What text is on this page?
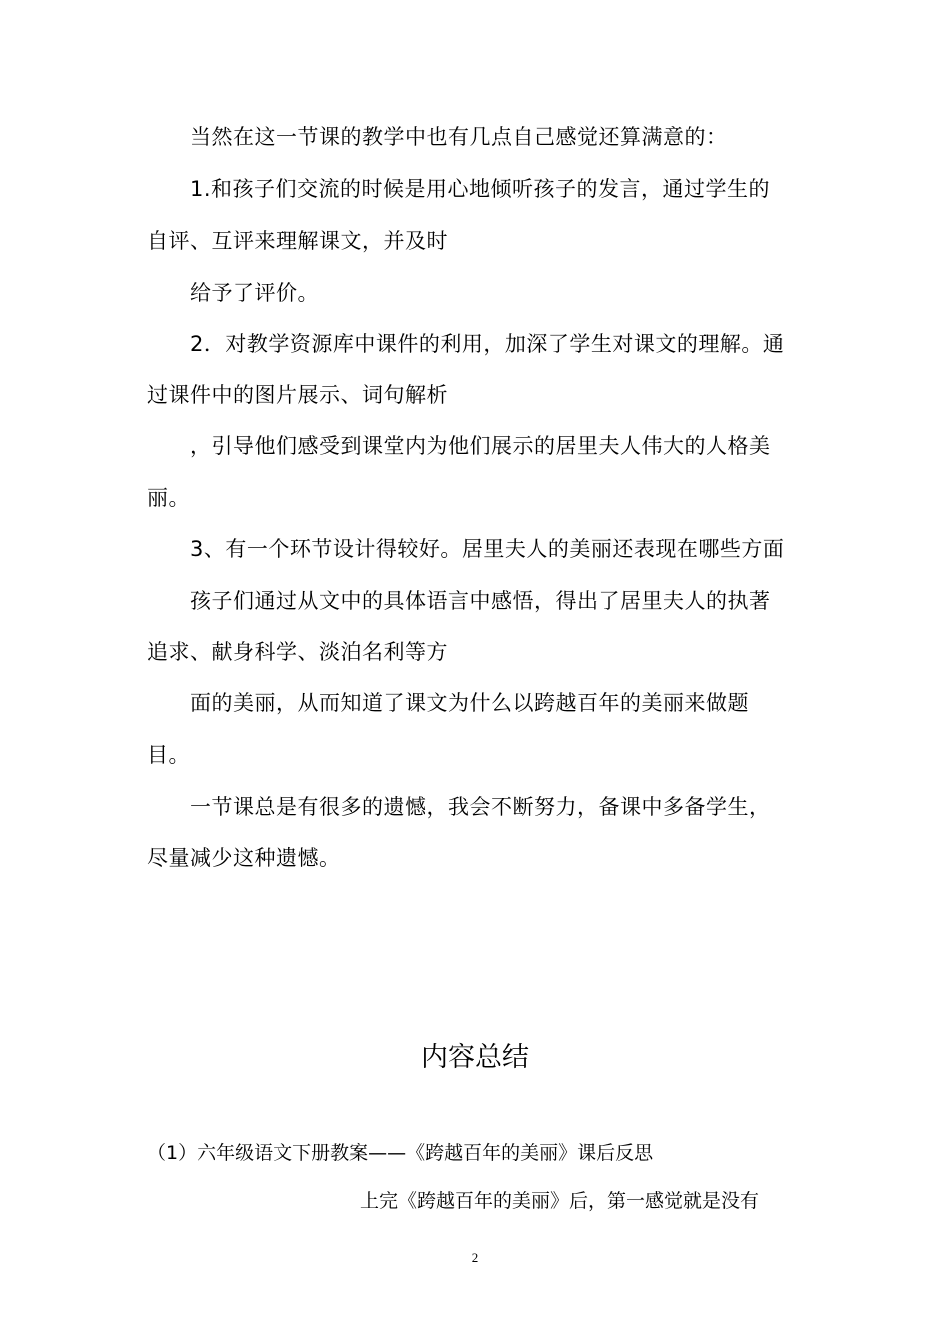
当然在这一节课的教学中也有几点自己感觉还算满意的：
1.和孩子们交流的时候是用心地倾听孩子的发言，通过学生的
自评、互评来理解课文，并及时
给予了评价。
2．对教学资源库中课件的利用，加深了学生对课文的理解。通
过课件中的图片展示、词句解析
，引导他们感受到课堂内为他们展示的居里夫人伟大的人格美
丽。
3、有一个环节设计得较好。居里夫人的美丽还表现在哪些方面
孩子们通过从文中的具体语言中感悟，得出了居里夫人的执著
追求、献身科学、淡泊名利等方
面的美丽，从而知道了课文为什么以跨越百年的美丽来做题
目。
一节课总是有很多的遗憾，我会不断努力，备课中多备学生，
尽量减少这种遗憾。
内容总结
（1）六年级语文下册教案——《跨越百年的美丽》课后反思
上完《跨越百年的美丽》后，第一感觉就是没有
2
